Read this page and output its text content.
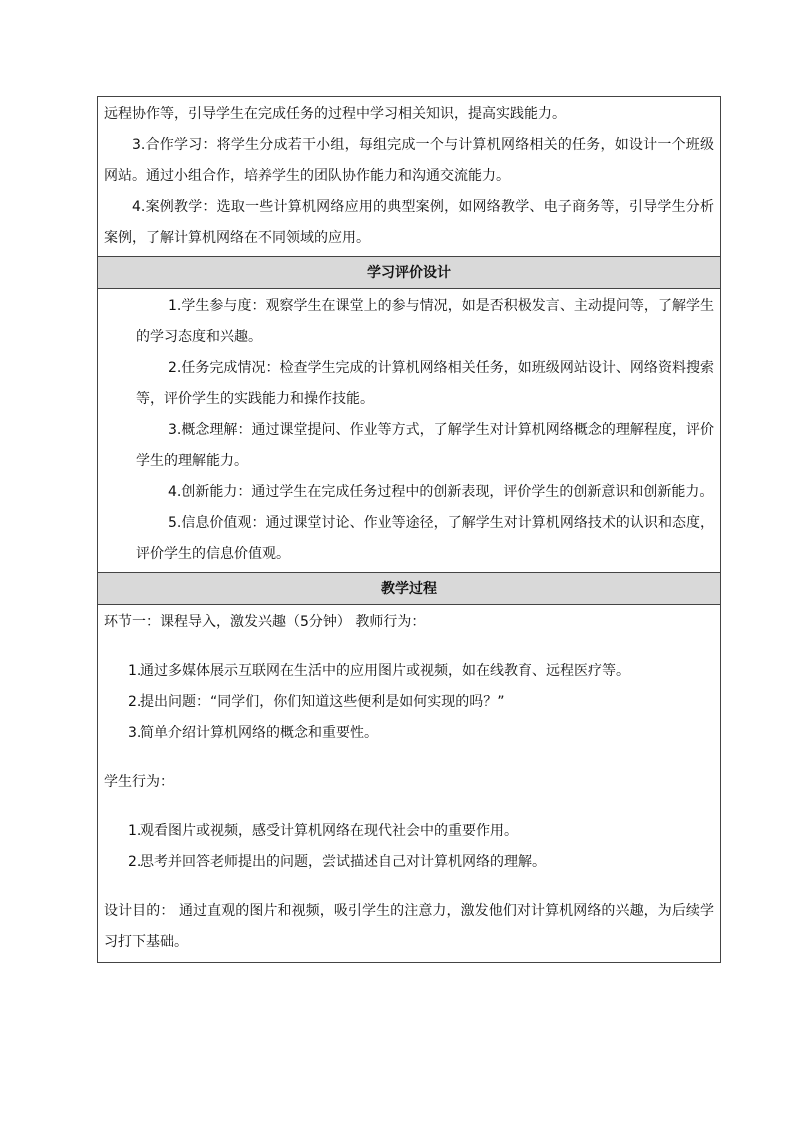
远程协作等，引导学生在完成任务的过程中学习相关知识，提高实践能力。

3.合作学习：将学生分成若干小组，每组完成一个与计算机网络相关的任务，如设计一个班级网站。通过小组合作，培养学生的团队协作能力和沟通交流能力。

4.案例教学：选取一些计算机网络应用的典型案例，如网络教学、电子商务等，引导学生分析案例，了解计算机网络在不同领域的应用。

学习评价设计

1.学生参与度：观察学生在课堂上的参与情况，如是否积极发言、主动提问等，了解学生的学习态度和兴趣。

2.任务完成情况：检查学生完成的计算机网络相关任务，如班级网站设计、网络资料搜索等，评价学生的实践能力和操作技能。

3.概念理解：通过课堂提问、作业等方式，了解学生对计算机网络概念的理解程度，评价学生的理解能力。

4.创新能力：通过学生在完成任务过程中的创新表现，评价学生的创新意识和创新能力。

5.信息价值观：通过课堂讨论、作业等途径，了解学生对计算机网络技术的认识和态度，评价学生的信息价值观。

教学过程

环节一：课程导入，激发兴趣（5分钟） 教师行为：

1.
通过多媒体展示互联网在生活中的应用图片或视频，如在线教育、远程医疗等。
2.
提出问题：“同学们，你们知道这些便利是如何实现的吗？”
3.
简单介绍计算机网络的概念和重要性。

学生行为：

1.
观看图片或视频，感受计算机网络在现代社会中的重要作用。
2.
思考并回答老师提出的问题，尝试描述自己对计算机网络的理解。

设计目的： 通过直观的图片和视频，吸引学生的注意力，激发他们对计算机网络的兴趣，为后续学习打下基础。
